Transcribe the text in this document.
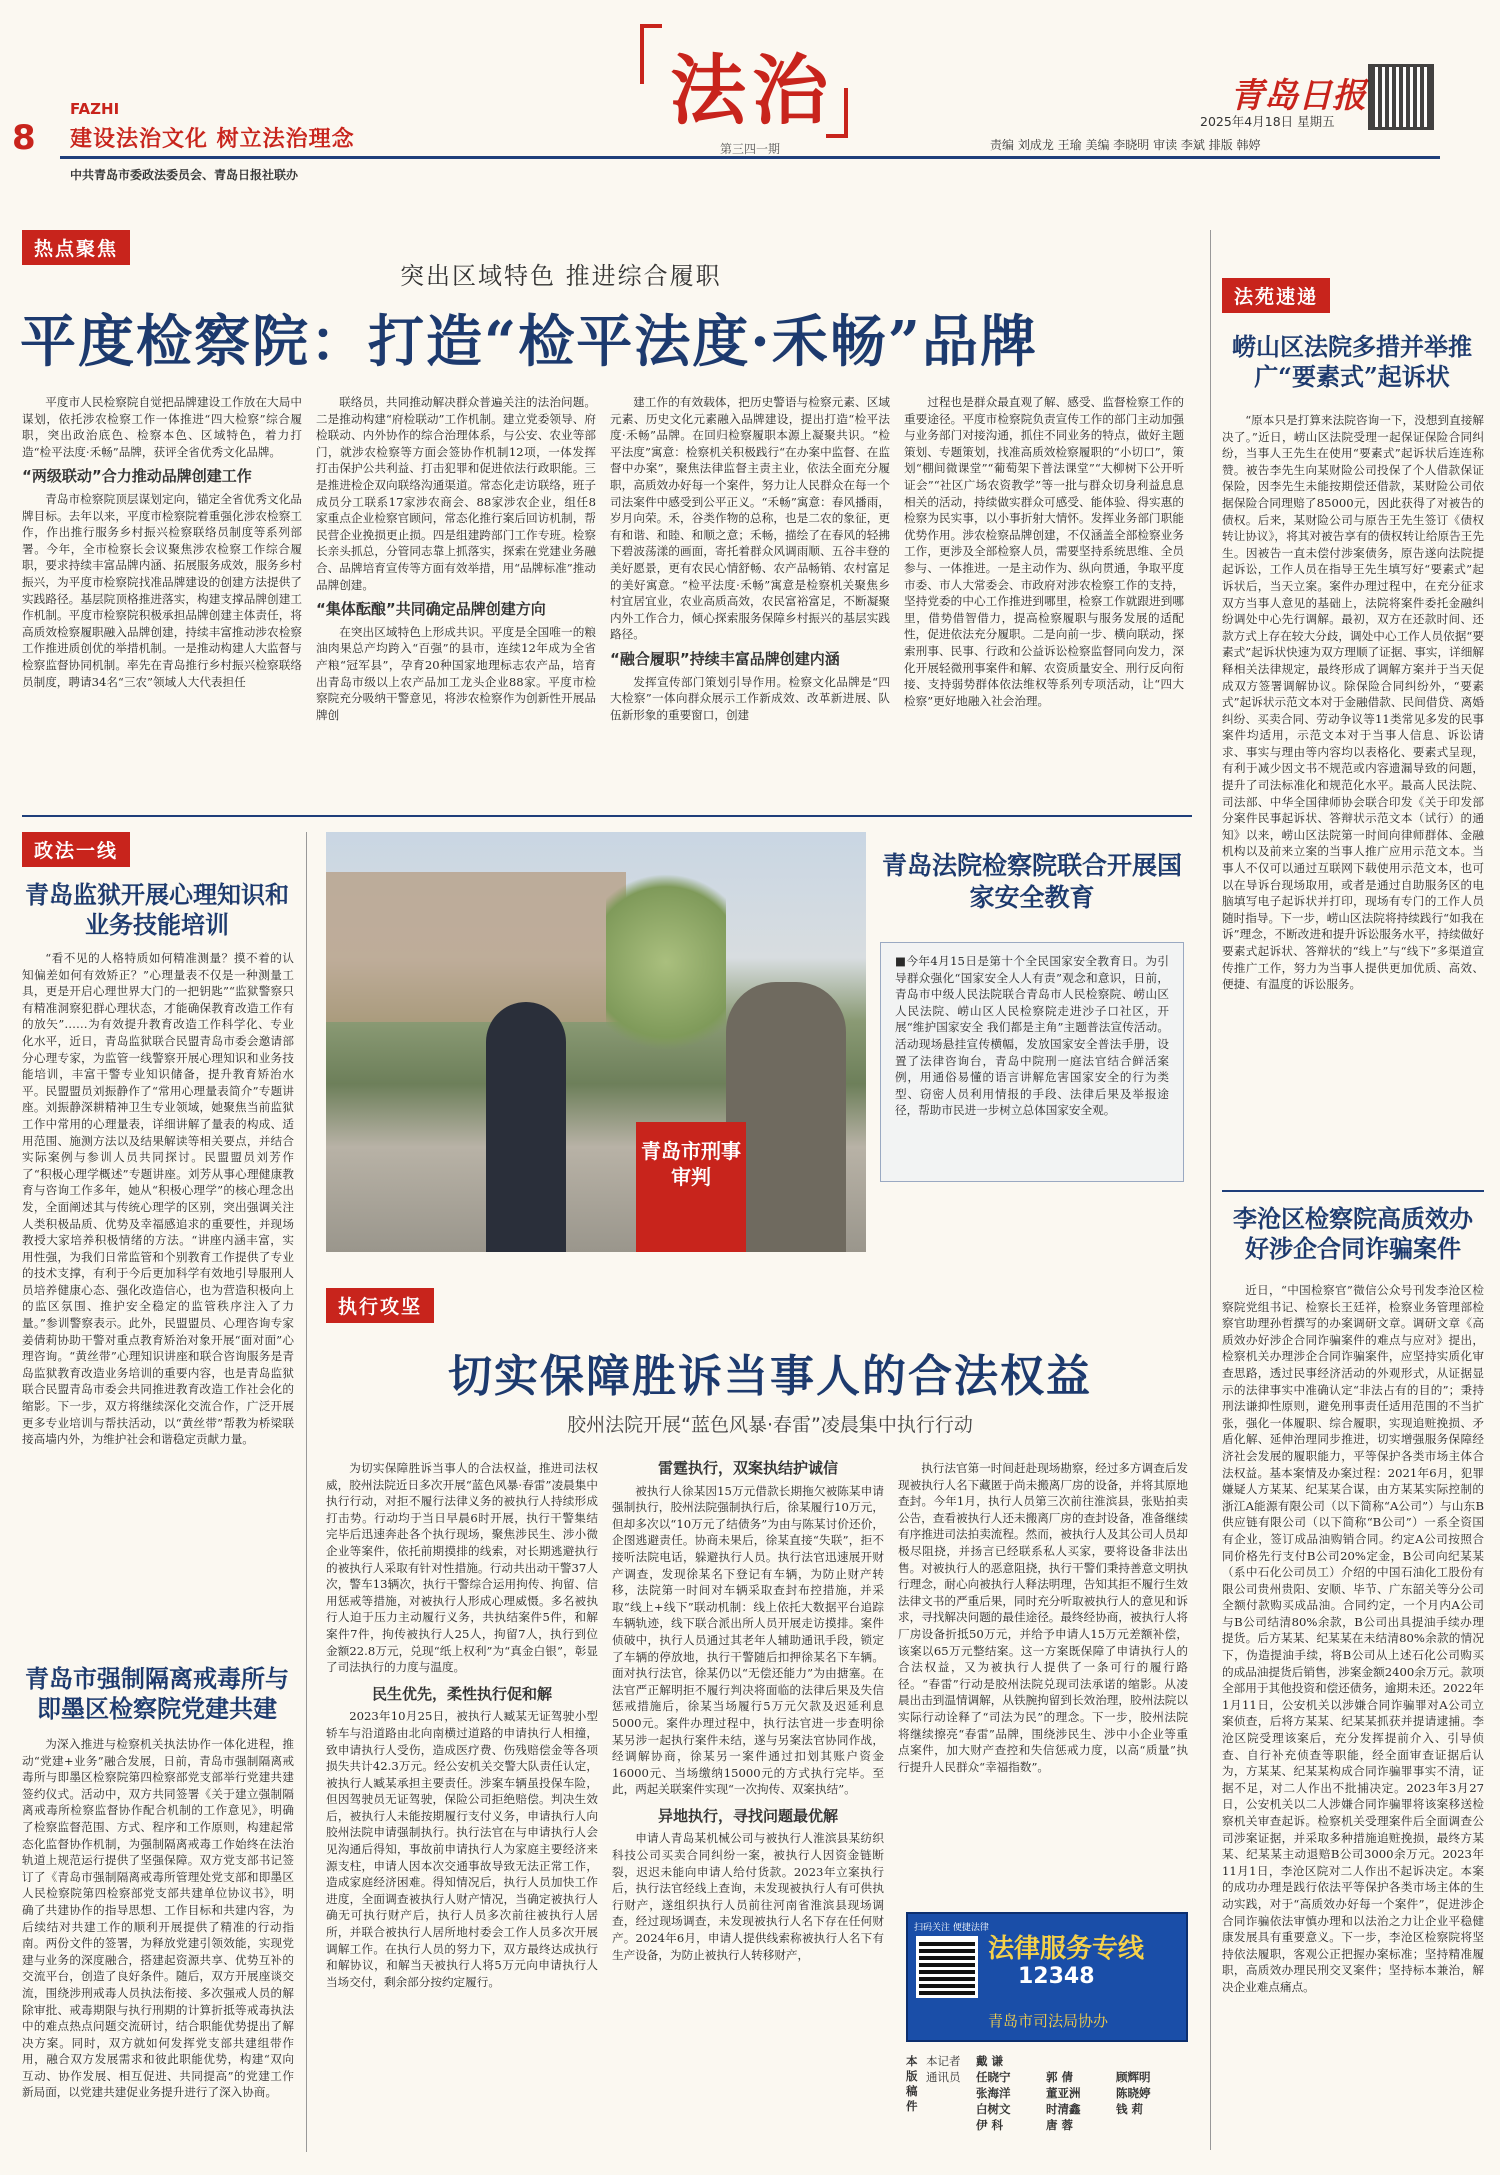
8
FAZHI
建设法治文化 树立法治理念
法治
第三四一期
青岛日报
2025年4月18日 星期五
责编 刘成龙 王瑜 美编 李晓明 审读 李斌 排版 韩婷
中共青岛市委政法委员会、青岛日报社联办
热点聚焦
突出区域特色 推进综合履职
平度检察院：打造“检平法度·禾畅”品牌

平度市人民检察院自觉把品牌建设工作放在大局中谋划，依托涉农检察工作一体推进“四大检察”综合履职，突出政治底色、检察本色、区域特色，着力打造“检平法度·禾畅”品牌，获评全省优秀文化品牌。

“两级联动”合力推动品牌创建工作

青岛市检察院顶层谋划定向，锚定全省优秀文化品牌目标。去年以来，平度市检察院着重强化涉农检察工作，作出推行服务乡村振兴检察联络员制度等系列部署。今年，全市检察长会议聚焦涉农检察工作综合履职，要求持续丰富品牌内涵、拓展服务成效，服务乡村振兴，为平度市检察院找准品牌建设的创建方法提供了实践路径。基层院顶格推进落实，构建支撑品牌创建工作机制。平度市检察院积极承担品牌创建主体责任，将高质效检察履职融入品牌创建，持续丰富推动涉农检察工作推进质创优的举措机制。一是推动构建人大监督与检察监督协同机制。率先在青岛推行乡村振兴检察联络员制度，聘请34名“三农”领域人大代表担任

联络员，共同推动解决群众普遍关注的法治问题。二是推动构建“府检联动”工作机制。建立党委领导、府检联动、内外协作的综合治理体系，与公安、农业等部门，就涉农检察等方面会签协作机制12项，一体发挥打击保护公共利益、打击犯罪和促进依法行政职能。三是推进检企双向联络沟通渠道。常态化走访联络，班子成员分工联系17家涉农商会、88家涉农企业，组任8家重点企业检察官顾问，常态化推行案后回访机制，帮民营企业挽损更止损。四是组建跨部门工作专班。检察长亲头抓总，分管同志靠上抓落实，探索在党建业务融合、品牌培育宣传等方面有效举措，用“品牌标准”推动品牌创建。

“集体酝酿”共同确定品牌创建方向

在突出区域特色上形成共识。平度是全国唯一的粮油肉果总产均跨入“百强”的县市，连续12年成为全省产粮“冠军县”，孕育20种国家地理标志农产品，培育出青岛市级以上农产品加工龙头企业88家。平度市检察院充分吸纳干警意见，将涉农检察作为创新性开展品牌创

建工作的有效载体，把历史警语与检察元素、区域元素、历史文化元素融入品牌建设，提出打造“检平法度·禾畅”品牌。在回归检察履职本源上凝聚共识。“检平法度”寓意：检察机关积极践行“在办案中监督、在监督中办案”，聚焦法律监督主责主业，依法全面充分履职，高质效办好每一个案件，努力让人民群众在每一个司法案件中感受到公平正义。“禾畅”寓意：春风播雨，岁月向荣。禾，谷类作物的总称，也是二农的象征，更有和谐、和睦、和顺之意；禾畅，描绘了在春风的轻拂下碧波荡漾的画面，寄托着群众风调雨顺、五谷丰登的美好愿景，更有农民心情舒畅、农产品畅销、农村富足的美好寓意。“检平法度·禾畅”寓意是检察机关聚焦乡村宜居宜业，农业高质高效，农民富裕富足，不断凝聚内外工作合力，倾心探索服务保障乡村振兴的基层实践路径。

“融合履职”持续丰富品牌创建内涵

发挥宣传部门策划引导作用。检察文化品牌是“四大检察”一体向群众展示工作新成效、改革新进展、队伍新形象的重要窗口，创建

过程也是群众最直观了解、感受、监督检察工作的重要途径。平度市检察院负责宣传工作的部门主动加强与业务部门对接沟通，抓住不同业务的特点，做好主题策划、专题策划，找准高质效检察履职的“小切口”，策划“棚间微课堂”“葡萄架下普法课堂”“大柳树下公开听证会”“社区广场农资教学”等一批与群众切身利益息息相关的活动，持续做实群众可感受、能体验、得实惠的检察为民实事，以小事折射大情怀。发挥业务部门职能优势作用。涉农检察品牌创建，不仅涵盖全部检察业务工作，更涉及全部检察人员，需要坚持系统思维、全员参与、一体推进。一是主动作为、纵向贯通，争取平度市委、市人大常委会、市政府对涉农检察工作的支持，坚持党委的中心工作推进到哪里，检察工作就跟进到哪里，借势借智借力，提高检察履职与服务发展的适配性，促进依法充分履职。二是向前一步、横向联动，探索刑事、民事、行政和公益诉讼检察监督同向发力，深化开展轻微刑事案件和解、农资质量安全、刑行反向衔接、支持弱势群体依法维权等系列专项活动，让“四大检察”更好地融入社会治理。

法苑速递
崂山区法院多措并举推广“要素式”起诉状

“原本只是打算来法院咨询一下，没想到直接解决了。”近日，崂山区法院受理一起保证保险合同纠纷，当事人王先生在使用“要素式”起诉状后连连称赞。被告李先生向某财险公司投保了个人借款保证保险，因李先生未能按期偿还借款，某财险公司依据保险合同理赔了85000元，因此获得了对被告的债权。后来，某财险公司与原告王先生签订《债权转让协议》，将其对被告享有的债权转让给原告王先生。因被告一直未偿付涉案债务，原告遂向法院提起诉讼，工作人员在指导王先生填写好“要素式”起诉状后，当天立案。案件办理过程中，在充分征求双方当事人意见的基础上，法院将案件委托金融纠纷调处中心先行调解。最初，双方在还款时间、还款方式上存在较大分歧，调处中心工作人员依据“要素式”起诉状快速为双方理顺了证据、事实，详细解释相关法律规定，最终形成了调解方案并于当天促成双方签署调解协议。除保险合同纠纷外，“要素式”起诉状示范文本对于金融借款、民间借贷、离婚纠纷、买卖合同、劳动争议等11类常见多发的民事案件均适用，示范文本对于当事人信息、诉讼请求、事实与理由等内容均以表格化、要素式呈现，有利于减少因文书不规范或内容遗漏导致的问题，提升了司法标准化和规范化水平。最高人民法院、司法部、中华全国律师协会联合印发《关于印发部分案件民事起诉状、答辩状示范文本（试行）的通知》以来，崂山区法院第一时间向律师群体、金融机构以及前来立案的当事人推广应用示范文本。当事人不仅可以通过互联网下载使用示范文本，也可以在导诉台现场取用，或者是通过自助服务区的电脑填写电子起诉状并打印，现场有专门的工作人员随时指导。下一步，崂山区法院将持续践行“如我在诉”理念，不断改进和提升诉讼服务水平，持续做好要素式起诉状、答辩状的“线上”与“线下”多渠道宣传推广工作，努力为当事人提供更加优质、高效、便捷、有温度的诉讼服务。

政法一线
青岛监狱开展心理知识和业务技能培训

“看不见的人格特质如何精准测量？摸不着的认知偏差如何有效矫正？”心理量表不仅是一种测量工具，更是开启心理世界大门的一把钥匙”“监狱警察只有精准洞察犯群心理状态，才能确保教育改造工作有的放矢”……为有效提升教育改造工作科学化、专业化水平，近日，青岛监狱联合民盟青岛市委会邀请部分心理专家，为监管一线警察开展心理知识和业务技能培训，丰富干警专业知识储备，提升教育矫治水平。民盟盟员刘振静作了“常用心理量表简介”专题讲座。刘振静深耕精神卫生专业领域，她聚焦当前监狱工作中常用的心理量表，详细讲解了量表的构成、适用范围、施测方法以及结果解读等相关要点，并结合实际案例与参训人员共同探讨。民盟盟员刘芳作了“积极心理学概述”专题讲座。刘芳从事心理健康教育与咨询工作多年，她从“积极心理学”的核心理念出发，全面阐述其与传统心理学的区别，突出强调关注人类积极品质、优势及幸福感追求的重要性，并现场教授大家培养积极情绪的方法。“讲座内涵丰富，实用性强，为我们日常监管和个别教育工作提供了专业的技术支撑，有利于今后更加科学有效地引导服刑人员培养健康心态、强化改造信心，也为营造积极向上的监区氛围、推护安全稳定的监管秩序注入了力量。”参训警察表示。此外，民盟盟员、心理咨询专家姜倩莉协助干警对重点教育矫治对象开展“面对面”心理咨询。“黄丝带”心理知识讲座和联合咨询服务是青岛监狱教育改造业务培训的重要内容，也是青岛监狱联合民盟青岛市委会共同推进教育改造工作社会化的缩影。下一步，双方将继续深化交流合作，广泛开展更多专业培训与帮扶活动，以“黄丝带”帮教为桥梁联接高墙内外，为维护社会和谐稳定贡献力量。

青岛市强制隔离戒毒所与即墨区检察院党建共建

为深入推进与检察机关执法协作一体化进程，推动“党建+业务”融合发展，日前，青岛市强制隔离戒毒所与即墨区检察院第四检察部党支部举行党建共建签约仪式。活动中，双方共同签署《关于建立强制隔离戒毒所检察监督协作配合机制的工作意见》，明确了检察监督范围、方式、程序和工作原则，构建起常态化监督协作机制，为强制隔离戒毒工作始终在法治轨道上规范运行提供了坚强保障。双方党支部书记签订了《青岛市强制隔离戒毒所管理处党支部和即墨区人民检察院第四检察部党支部共建单位协议书》，明确了共建协作的指导思想、工作目标和共建内容，为后续结对共建工作的顺利开展提供了精准的行动指南。两份文件的签署，为释放党建引领效能，实现党建与业务的深度融合，搭建起资源共享、优势互补的交流平台，创造了良好条件。随后，双方开展座谈交流，围绕涉刑戒毒人员执法衔接、多次强戒人员的解除审批、戒毒期限与执行刑期的计算折抵等戒毒执法中的难点热点问题交流研讨，结合职能优势提出了解决方案。同时，双方就如何发挥党支部共建组带作用，融合双方发展需求和彼此职能优势，构建“双向互动、协作发展、相互促进、共同提高”的党建工作新局面，以党建共建促业务提升进行了深入协商。

青岛市刑事审判
青岛法院检察院联合开展国家安全教育
■今年4月15日是第十个全民国家安全教育日。为引导群众强化“国家安全人人有责”观念和意识，日前，青岛市中级人民法院联合青岛市人民检察院、崂山区人民法院、崂山区人民检察院走进沙子口社区，开展“维护国家安全 我们都是主角”主题普法宣传活动。活动现场悬挂宣传横幅，发放国家安全普法手册，设置了法律咨询台，青岛中院刑一庭法官结合鲜活案例，用通俗易懂的语言讲解危害国家安全的行为类型、窃密人员利用情报的手段、法律后果及举报途径，帮助市民进一步树立总体国家安全观。
执行攻坚
切实保障胜诉当事人的合法权益
胶州法院开展“蓝色风暴·春雷”凌晨集中执行行动

为切实保障胜诉当事人的合法权益，推进司法权威，胶州法院近日多次开展“蓝色风暴·春雷”凌晨集中执行行动，对拒不履行法律义务的被执行人持续形成打击势。行动均于当日早晨6时开展，执行干警集结完毕后迅速奔赴各个执行现场，聚焦涉民生、涉小微企业等案件，依托前期摸排的线索，对长期逃避执行的被执行人采取有针对性措施。行动共出动干警37人次，警车13辆次，执行干警综合运用拘传、拘留、信用惩戒等措施，对被执行人形成心理威慑。多名被执行人迫于压力主动履行义务，共执结案件5件，和解案件7件，拘传被执行人25人，拘留7人，执行到位金额22.8万元，兑现“纸上权利”为“真金白银”，彰显了司法执行的力度与温度。

民生优先，柔性执行促和解

2023年10月25日，被执行人臧某无证驾驶小型轿车与沿道路由北向南横过道路的申请执行人相撞，致申请执行人受伤，造成医疗费、伤残赔偿金等各项损失共计42.3万元。经公安机关交警大队责任认定，被执行人臧某承担主要责任。涉案车辆虽投保车险，但因驾驶员无证驾驶，保险公司拒绝赔偿。判决生效后，被执行人未能按期履行支付义务，申请执行人向胶州法院申请强制执行。执行法官在与申请执行人会见沟通后得知，事故前申请执行人为家庭主要经济来源支柱，申请人因本次交通事故导致无法正常工作，造成家庭经济困难。得知情况后，执行人员加快工作进度，全面调查被执行人财产情况，当确定被执行人确无可执行财产后，执行人员多次前往被执行人居所，并联合被执行人居所地村委会工作人员多次开展调解工作。在执行人员的努力下，双方最终达成执行和解协议，和解当天被执行人将5万元向申请执行人当场交付，剩余部分按约定履行。

雷霆执行，双案执结护诚信

被执行人徐某因15万元借款长期拖欠被陈某申请强制执行，胶州法院强制执行后，徐某履行10万元，但却多次以“10万元了结债务”为由与陈某讨价还价，企图逃避责任。协商未果后，徐某直接“失联”，拒不接听法院电话，躲避执行人员。执行法官迅速展开财产调查，发现徐某名下登记有车辆，为防止财产转移，法院第一时间对车辆采取查封布控措施，并采取“线上+线下”联动机制：线上依托大数据平台追踪车辆轨迹，线下联合派出所人员开展走访摸排。案件侦破中，执行人员通过其老年人辅助通讯手段，锁定了车辆的停放地，执行干警随后扣押徐某名下车辆。面对执行法官，徐某仍以“无偿还能力”为由搪塞。在法官严正解明拒不履行判决将面临的法律后果及失信惩戒措施后，徐某当场履行5万元欠款及迟延利息5000元。案件办理过程中，执行法官进一步查明徐某另涉一起执行案件未结，遂与另案法官协同作战，经调解协商，徐某另一案件通过扣划其账户资金16000元、当场缴纳15000元的方式执行完毕。至此，两起关联案件实现“一次拘传、双案执结”。

异地执行，寻找问题最优解

申请人青岛某机械公司与被执行人淮滨县某纺织科技公司买卖合同纠纷一案，被执行人因资金链断裂，迟迟未能向申请人给付货款。2023年立案执行后，执行法官经线上查询，未发现被执行人有可供执行财产，遂组织执行人员前往河南省淮滨县现场调查，经过现场调查，未发现被执行人名下存在任何财产。2024年6月，申请人提供线索称被执行人名下有生产设备，为防止被执行人转移财产，

执行法官第一时间赶赴现场勘察，经过多方调查后发现被执行人名下藏匿于尚未搬离厂房的设备，并将其原地查封。今年1月，执行人员第三次前往淮滨县，张贴拍卖公告，查看被执行人还未搬离厂房的查封设备，准备继续有序推进司法拍卖流程。然而，被执行人及其公司人员却极尽阻挠，并扬言已经联系私人买家，要将设备非法出售。对被执行人的恶意阻挠，执行干警们秉持善意文明执行理念，耐心向被执行人释法明理，告知其拒不履行生效法律文书的严重后果，同时充分听取被执行人的意见和诉求，寻找解决问题的最佳途径。最终经协商，被执行人将厂房设备折抵50万元，并给予申请人15万元差额补偿，该案以65万元整结案。这一方案既保障了申请执行人的合法权益，又为被执行人提供了一条可行的履行路径。“春雷”行动是胶州法院兑现司法承诺的缩影。从凌晨出击到温情调解，从铁腕拘留到长效治理，胶州法院以实际行动诠释了“司法为民”的理念。下一步，胶州法院将继续擦亮“春雷”品牌，围绕涉民生、涉中小企业等重点案件，加大财产查控和失信惩戒力度，以高“质量”执行提升人民群众“幸福指数”。

扫码关注 便捷法律
法律服务专线
12348
青岛市司法局协办
本版稿件
本记者 戴 谦
通讯员 任晓宁	郭 倩	顾辉明
张海洋	董亚洲	陈晓婷
白树文	时清鑫	钱 莉
伊 科	唐 蓉
李沧区检察院高质效办好涉企合同诈骗案件

近日，“中国检察官”微信公众号刊发李沧区检察院党组书记、检察长王廷祥，检察业务管理部检察官助理孙哲撰写的办案调研文章。调研文章《高质效办好涉企合同诈骗案件的难点与应对》提出，检察机关办理涉企合同诈骗案件，应坚持实质化审查思路，透过民事经济活动的外观形式，从证据显示的法律事实中准确认定“非法占有的目的”；秉持刑法谦抑性原则，避免刑事责任适用范围的不当扩张，强化一体履职、综合履职，实现追赃挽损、矛盾化解、延伸治理同步推进，切实增强服务保障经济社会发展的履职能力，平等保护各类市场主体合法权益。基本案情及办案过程：2021年6月，犯罪嫌疑人方某某、纪某某合谋，由方某某实际控制的浙江A能源有限公司（以下简称“A公司”）与山东B供应链有限公司（以下简称“B公司”）一系全资国有企业，签订成品油购销合同。约定A公司按照合同价格先行支付B公司20%定金，B公司向纪某某（系中石化公司员工）介绍的中国石油化工股份有限公司贵州贵阳、安顺、毕节、广东韶关等分公司全额付款购买成品油。合同约定，一个月内A公司与B公司结清80%余款，B公司出具提油手续办理提货。后方某某、纪某某在未结清80%余款的情况下，伪造提油手续，将B公司从上述石化公司购买的成品油提货后销售，涉案金额2400余万元。款项全部用于其他投资和偿还债务，逾期未还。2022年1月11日，公安机关以涉嫌合同诈骗罪对A公司立案侦查，后将方某某、纪某某抓获并提请逮捕。李沧区院受理该案后，充分发挥提前介入、引导侦查、自行补充侦查等职能，经全面审查证据后认为，方某某、纪某某构成合同诈骗罪事实不清，证据不足，对二人作出不批捕决定。2023年3月27日，公安机关以二人涉嫌合同诈骗罪将该案移送检察机关审查起诉。检察机关受理案件后全面调查公司涉案证据，并采取多种措施追赃挽损，最终方某某、纪某某主动退赔B公司3000余万元。2023年11月1日，李沧区院对二人作出不起诉决定。本案的成功办理是践行依法平等保护各类市场主体的生动实践，对于“高质效办好每一个案件”，促进涉企合同诈骗依法审慎办理和以法治之力让企业平稳健康发展具有重要意义。下一步，李沧区检察院将坚持依法履职，客观公正把握办案标准；坚持精准履职，高质效办理民刑交叉案件；坚持标本兼治，解决企业难点痛点。
